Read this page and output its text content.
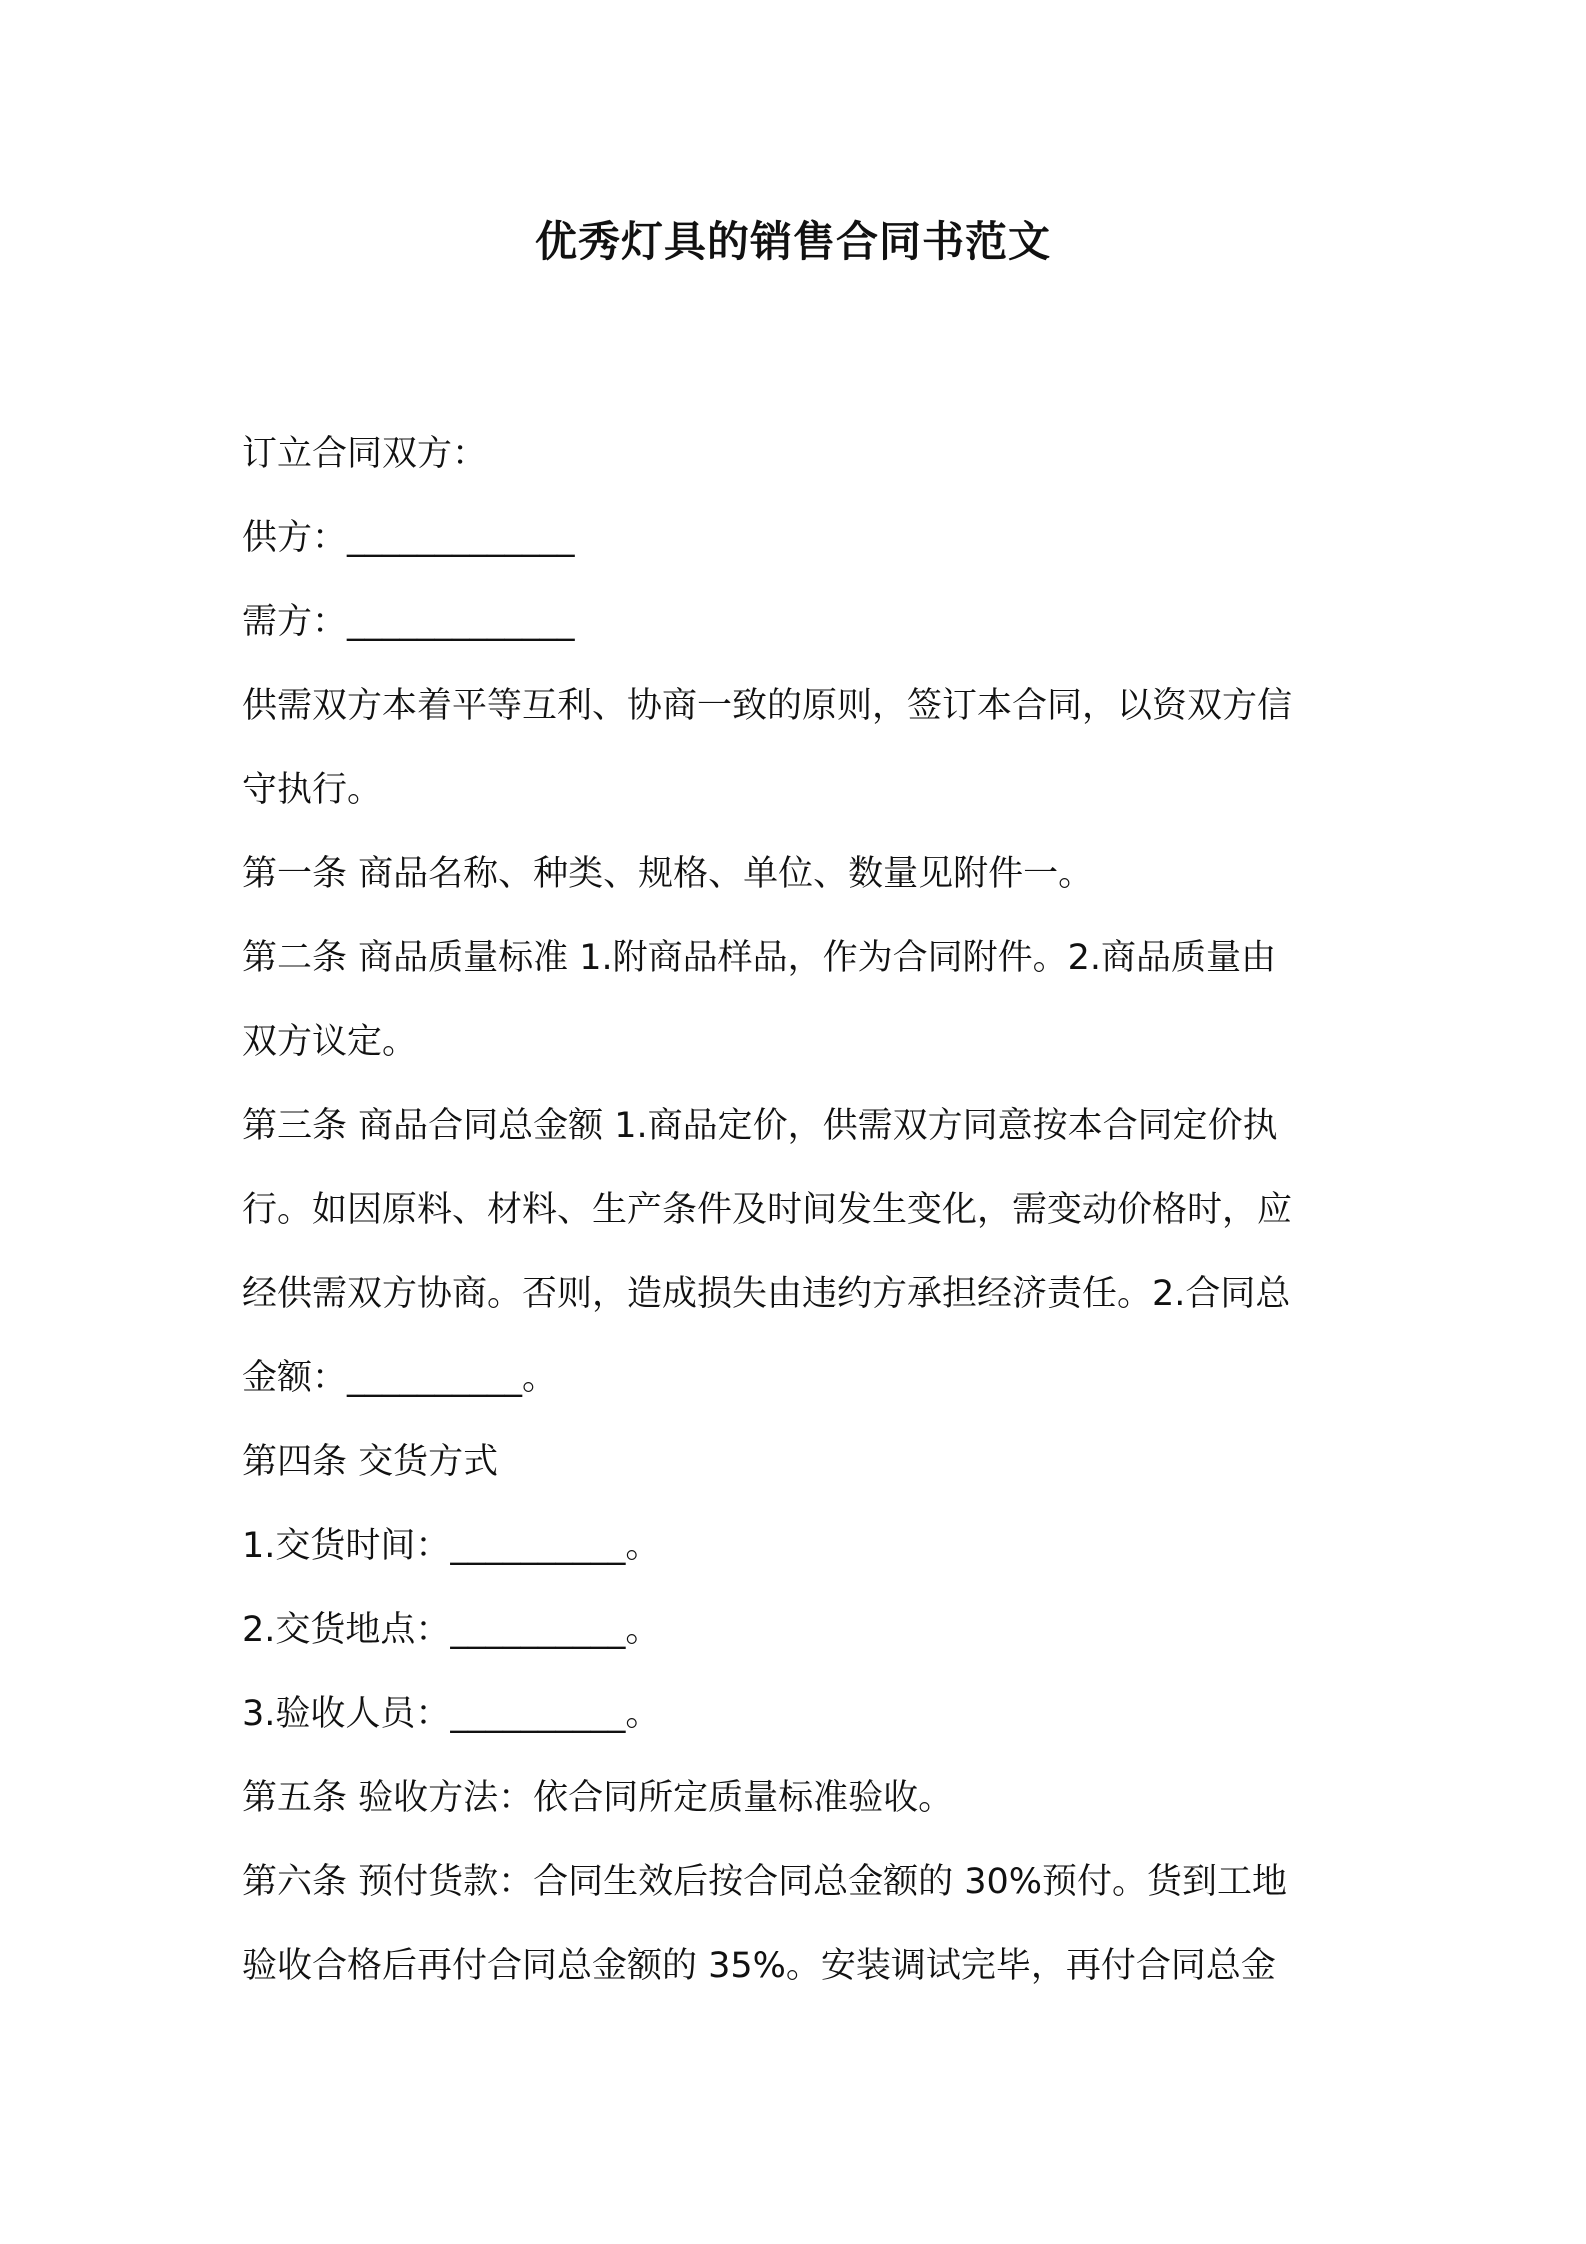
优秀灯具的销售合同书范文
订立合同双方：
供方：_____________
需方：_____________
供需双方本着平等互利、协商一致的原则，签订本合同，以资双方信
守执行。
第一条 商品名称、种类、规格、单位、数量见附件一。
第二条 商品质量标准 1.附商品样品，作为合同附件。2.商品质量由
双方议定。
第三条 商品合同总金额 1.商品定价，供需双方同意按本合同定价执
行。如因原料、材料、生产条件及时间发生变化，需变动价格时，应
经供需双方协商。否则，造成损失由违约方承担经济责任。2.合同总
金额：__________。
第四条 交货方式
1.交货时间：__________。
2.交货地点：__________。
3.验收人员：__________。
第五条 验收方法：依合同所定质量标准验收。
第六条 预付货款：合同生效后按合同总金额的 30%预付。货到工地
验收合格后再付合同总金额的 35%。安装调试完毕，再付合同总金
